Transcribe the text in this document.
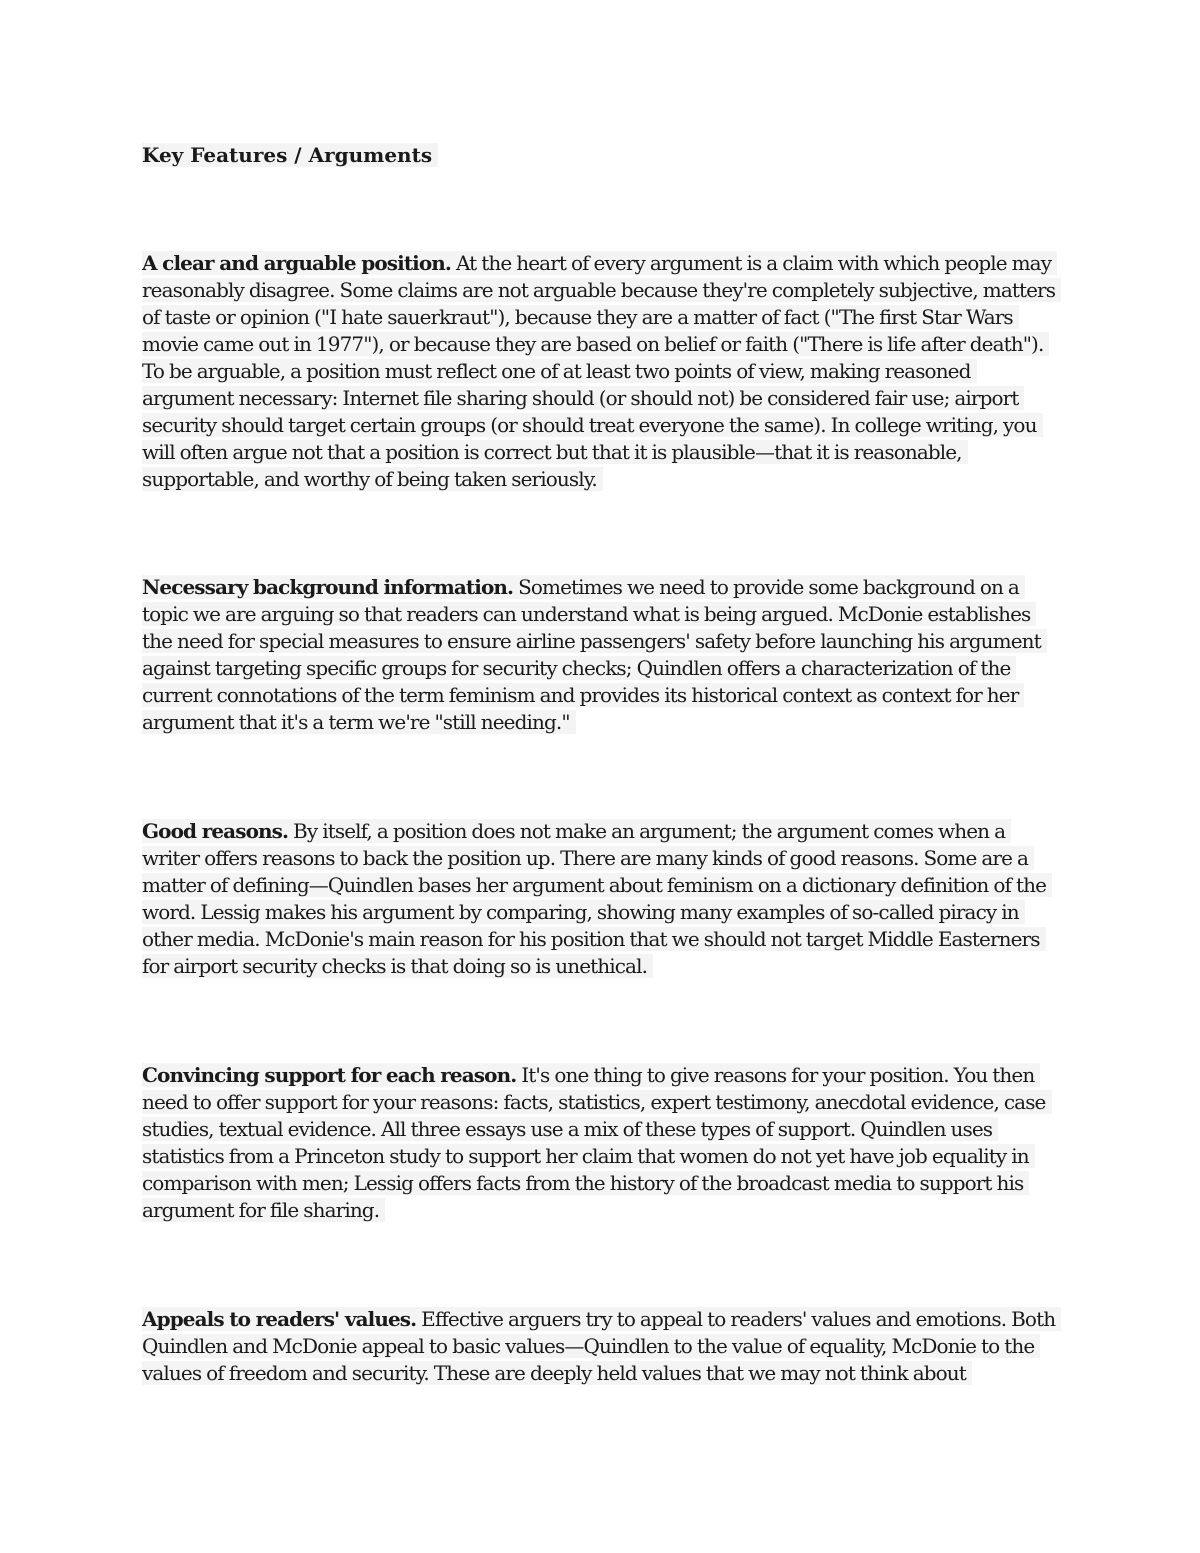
Key Features / Arguments

A clear and arguable position. At the heart of every argument is a claim with which people may reasonably disagree. Some claims are not arguable because they're completely subjective, matters of taste or opinion ("I hate sauerkraut"), because they are a matter of fact ("The first Star Wars movie came out in 1977"), or because they are based on belief or faith ("There is life after death"). To be arguable, a position must reflect one of at least two points of view, making reasoned argument necessary: Internet file sharing should (or should not) be considered fair use; airport security should target certain groups (or should treat everyone the same). In college writing, you will often argue not that a position is correct but that it is plausible—that it is reasonable, supportable, and worthy of being taken seriously.

Necessary background information. Sometimes we need to provide some background on a topic we are arguing so that readers can understand what is being argued. McDonie establishes the need for special measures to ensure airline passengers' safety before launching his argument against targeting specific groups for security checks; Quindlen offers a characterization of the current connotations of the term feminism and provides its historical context as context for her argument that it's a term we're "still needing."

Good reasons. By itself, a position does not make an argument; the argument comes when a writer offers reasons to back the position up. There are many kinds of good reasons. Some are a matter of defining—Quindlen bases her argument about feminism on a dictionary definition of the word. Lessig makes his argument by comparing, showing many examples of so-called piracy in other media. McDonie's main reason for his position that we should not target Middle Easterners for airport security checks is that doing so is unethical.

Convincing support for each reason. It's one thing to give reasons for your position. You then need to offer support for your reasons: facts, statistics, expert testimony, anecdotal evidence, case studies, textual evidence. All three essays use a mix of these types of support. Quindlen uses statistics from a Princeton study to support her claim that women do not yet have job equality in comparison with men; Lessig offers facts from the history of the broadcast media to support his argument for file sharing.

Appeals to readers' values. Effective arguers try to appeal to readers' values and emotions. Both Quindlen and McDonie appeal to basic values—Quindlen to the value of equality, McDonie to the values of freedom and security. These are deeply held values that we may not think about
